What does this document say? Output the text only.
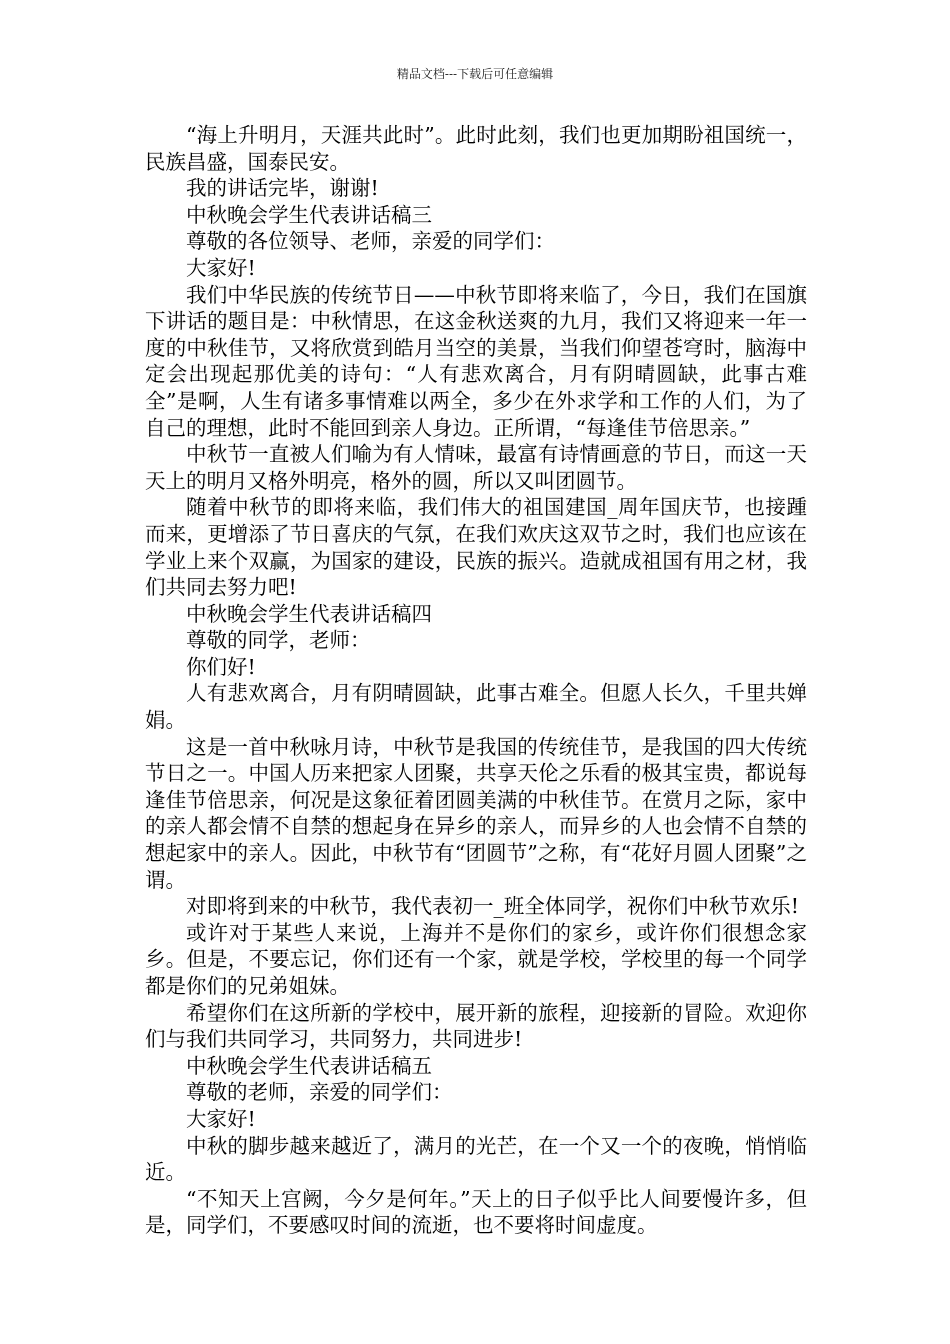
精品文档---下载后可任意编辑

“海上升明月，天涯共此时”。此时此刻，我们也更加期盼祖国统一，民族昌盛，国泰民安。

我的讲话完毕，谢谢!

中秋晚会学生代表讲话稿三

尊敬的各位领导、老师，亲爱的同学们：

大家好!

我们中华民族的传统节日——中秋节即将来临了，今日，我们在国旗下讲话的题目是：中秋情思，在这金秋送爽的九月，我们又将迎来一年一度的中秋佳节，又将欣赏到皓月当空的美景，当我们仰望苍穹时，脑海中定会出现起那优美的诗句：“人有悲欢离合，月有阴晴圆缺，此事古难全”是啊，人生有诸多事情难以两全，多少在外求学和工作的人们，为了自己的理想，此时不能回到亲人身边。正所谓，“每逢佳节倍思亲。”

中秋节一直被人们喻为有人情味，最富有诗情画意的节日，而这一天天上的明月又格外明亮，格外的圆，所以又叫团圆节。

随着中秋节的即将来临，我们伟大的祖国建国_周年国庆节，也接踵而来，更增添了节日喜庆的气氛，在我们欢庆这双节之时，我们也应该在学业上来个双赢，为国家的建设，民族的振兴。造就成祖国有用之材，我们共同去努力吧!

中秋晚会学生代表讲话稿四

尊敬的同学，老师：

你们好!

人有悲欢离合，月有阴晴圆缺，此事古难全。但愿人长久，千里共婵娟。

这是一首中秋咏月诗，中秋节是我国的传统佳节，是我国的四大传统节日之一。中国人历来把家人团聚，共享天伦之乐看的极其宝贵，都说每逢佳节倍思亲，何况是这象征着团圆美满的中秋佳节。在赏月之际，家中的亲人都会情不自禁的想起身在异乡的亲人，而异乡的人也会情不自禁的想起家中的亲人。因此，中秋节有“团圆节”之称，有“花好月圆人团聚”之谓。

对即将到来的中秋节，我代表初一_班全体同学，祝你们中秋节欢乐!

或许对于某些人来说，上海并不是你们的家乡，或许你们很想念家乡。但是，不要忘记，你们还有一个家，就是学校，学校里的每一个同学都是你们的兄弟姐妹。

希望你们在这所新的学校中，展开新的旅程，迎接新的冒险。欢迎你们与我们共同学习，共同努力，共同进步!

中秋晚会学生代表讲话稿五

尊敬的老师，亲爱的同学们：

大家好!

中秋的脚步越来越近了，满月的光芒，在一个又一个的夜晚，悄悄临近。

“不知天上宫阙，今夕是何年。”天上的日子似乎比人间要慢许多，但是，同学们，不要感叹时间的流逝，也不要将时间虚度。
